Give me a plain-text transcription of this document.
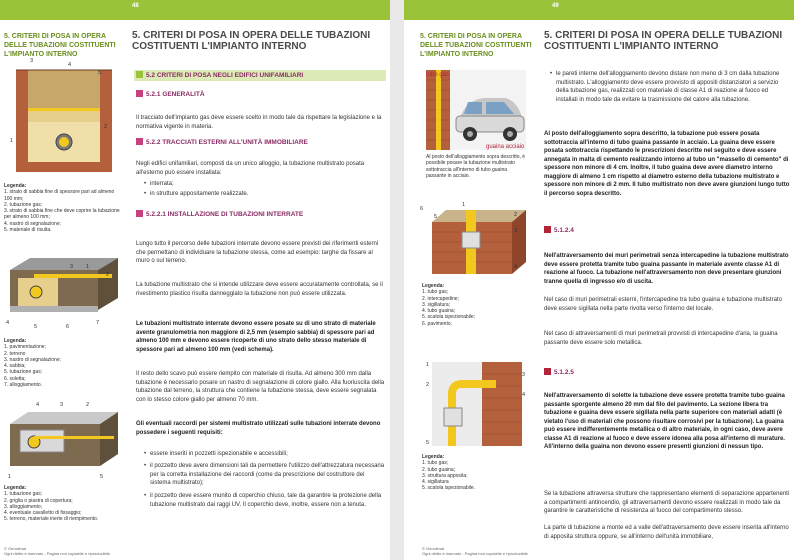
48
5. CRITERI DI POSA IN OPERA DELLE TUBAZIONI COSTITUENTI L'IMPIANTO INTERNO
5. CRITERI DI POSA IN OPERA DELLE TUBAZIONI COSTITUENTI L'IMPIANTO INTERNO
3
4
5
1
2
Legenda:
1. strato di sabbia fine di spessore pari ad almeno 100 mm;
2. tubazione gas;
3. strato di sabbia fine che deve coprire la tubazione per almeno 100 mm;
4. nastro di segnalazione;
5. materiale di risulta.
3 1
2
4
5	6
7
Legenda:
1. pavimentazione;
2. terreno
3. nastro di segnalazione;
4. sabbia;
5. tubazione gas;
6. soletta;
7. alloggiamento.
4	3	2
1	5
Legenda:
1. tubazione gas;
2. griglia o piastra di copertura;
3. alloggiamento;
4. eventuale cavalletto di fissaggio;
5. terreno, materiale inerte di riempimento.
5.2 CRITERI DI POSA NEGLI EDIFICI UNIFAMILIARI
5.2.1 GENERALITÀ
Il tracciato dell'impianto gas deve essere scelto in modo tale da rispettare la legislazione e la normativa vigente in materia.
5.2.2 TRACCIATI ESTERNI ALL'UNITÀ IMMOBILIARE
Negli edifici unifamiliari, composti da un unico alloggio, la tubazione multistrato posata all'esterno può essere installata:
• interrata;
• in strutture appositamente realizzate.
5.2.2.1 INSTALLAZIONE DI TUBAZIONI INTERRATE
Lungo tutto il percorso delle tubazioni interrate devono essere previsti dei riferimenti esterni che permettano di individuare la tubazione stessa, come ad esempio: targhe da fissare al muro o sul terreno.
La tubazione multistrato che si intende utilizzare deve essere accuratamente controllata, se il rivestimento plastico risulta danneggiato la tubazione non può essere utilizzata.
Le tubazioni multistrato interrate devono essere posate su di uno strato di materiale avente granulometria non maggiore di 2,5 mm (esempio sabbia) di spessore pari ad almeno 100 mm e devono essere ricoperte di uno strato dello stesso materiale di spessore pari ad almeno 100 mm (vedi schema).
Il resto dello scavo può essere riempito con materiale di risulta. Ad almeno 300 mm dalla tubazione è necessario posare un nastro di segnalazione di colore giallo. Alla fuoriuscita della tubazione dal terreno, la struttura che contiene la tubazione stessa, deve essere segnalata con lo stesso colore giallo per almeno 70 mm.
Gli eventuali raccordi per sistemi multistrato utilizzati sulle tubazioni interrate devono possedere i seguenti requisiti:
• essere inseriti in pozzetti ispezionabile e accessibili;
• il pozzetto deve avere dimensioni tali da permettere l'utilizzo dell'attrezzatura necessaria per la corretta installazione dei raccordi (come da prescrizione del costruttore del sistema multistrato);
• il pozzetto deve essere munito di coperchio chiuso, tale da garantire la protezione della tubazione multistrato dai raggi UV. Il coperchio deve, inoltre, essere non a tenuta.
© Geoclimat
Ogni diritto è riservato - Pagina non copiabile e riproducibile
49
5. CRITERI DI POSA IN OPERA DELLE TUBAZIONI COSTITUENTI L'IMPIANTO INTERNO
5. CRITERI DI POSA IN OPERA DELLE TUBAZIONI COSTITUENTI L'IMPIANTO INTERNO
tubo gas
guaina acciaio
Al posto dell'alloggiamento sopra descritto, è possibile posare la tubazione multistrato sottotraccia all'interno di tubo guaina passante in acciaio.
6
5
1
2
3
4
Legenda:
1. tubo gas;
2. intercapedine;
3. sigillatura;
4. tubo guaina;
5. scatola ispezionabile;
6. pavimento.
1
2
3
4
5
Legenda:
1. tubo gas;
2. tubo guaina;
3. struttura apposita;
4. sigillatura
5. scatola ispezionabile.
• le pareti interne dell'alloggiamento devono distare non meno di 3 cm dalla tubazione multistrato. L'alloggiamento deve essere provvisto di appositi distanziatori a servizio della tubazione gas, realizzati con materiale di classe A1 di reazione al fuoco ed installati in modo tale da evitare la trasmissione del calore alla tubazione.
Al posto dell'alloggiamento sopra descritto, la tubazione può essere posata sottotraccia all'interno di tubo guaina passante in acciaio. La guaina deve essere posata sottotraccia rispettando le prescrizioni descritte nel seguito e deve essere annegata in malta di cemento realizzando intorno al tubo un "massello di cemento" di spessore non minore di 4 cm. Inoltre, il tubo guaina deve avere diametro interno maggiore di almeno 1 cm rispetto al diametro esterno della tubazione multistrato e spessore non minore di 2 mm. Il tubo multistrato non deve avere giunzioni lungo tutto il percorso sopra descritto.
5.1.2.4
Nell'attraversamento dei muri perimetrali senza intercapedine la tubazione multistrato deve essere protetta tramite tubo guaina passante in materiale avente classe A1 di reazione al fuoco. La tubazione nell'attraversamento non deve presentare giunzioni tranne quella di ingresso e/o di uscita.
Nel caso di muri perimetrali esterni, l'intercapedine tra tubo guaina e tubazione multistrato deve essere sigillata nella parte rivolta verso l'interno del locale.
Nel caso di attraversamenti di muri perimetrali provvisti di intercapedine d'aria, la guaina passante deve essere solo metallica.
5.1.2.5
Nell'attraversamento di solette la tubazione deve essere protetta tramite tubo guaina passante sporgente almeno 20 mm dal filo del pavimento. La sezione libera tra tubazione e guaina deve essere sigillata nella parte superiore con materiali adatti (è vietato l'uso di materiali che possono risultare corrosivi per la tubazione). La guaina può essere indifferentemente metallica o di altro materiale, in ogni caso, deve avere classe A1 di reazione al fuoco e deve essere idonea alla posa all'interno di murature. All'interno della guaina non devono essere presenti giunzioni di nessun tipo.
Se la tubazione attraversa strutture che rappresentano elementi di separazione appartenenti a compartimenti antincendio, gli attraversamenti devono essere realizzati in modo tale da garantire le caratteristiche di resistenza al fuoco del compartimento stesso.
La parte di tubazione a monte ed a valle dell'attraversamento deve essere inserita all'interno di apposita struttura oppure, se all'interno dell'unità immobiliare,
© Geoclimat
Ogni diritto è riservato - Pagina non copiabile e riproducibile
